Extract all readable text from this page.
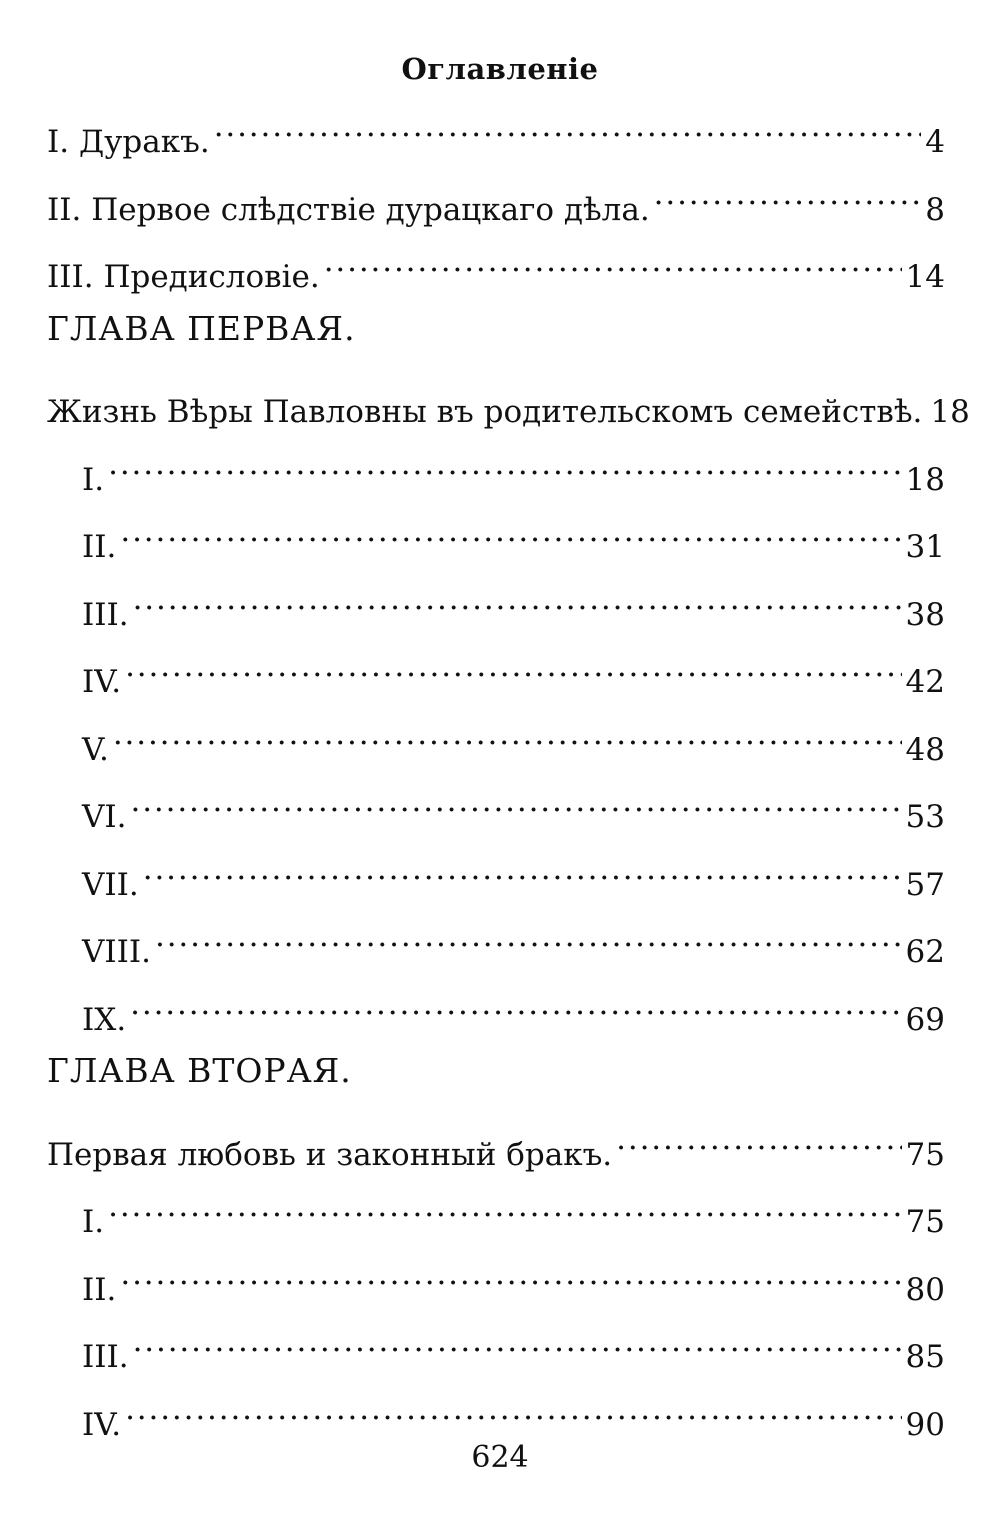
Оглавленіе
I. Дуракъ. . . .	4
II. Первое слѣдствіе дурацкаго дѣла. . . .	8
III. Предисловіе. . . .	14
ГЛАВА ПЕРВАЯ.
Жизнь Вѣры Павловны въ родительскомъ семействѣ. 18
I. . . .	18
II. . . .	31
III. . . .	38
IV. . . .	42
V. . . .	48
VI. . . .	53
VII. . . .	57
VIII. . . .	62
IX. . . .	69
ГЛАВА ВТОРАЯ.
Первая любовь и законный бракъ. . . .	75
I. . . .	75
II. . . .	80
III. . . .	85
IV. . . .	90
624
